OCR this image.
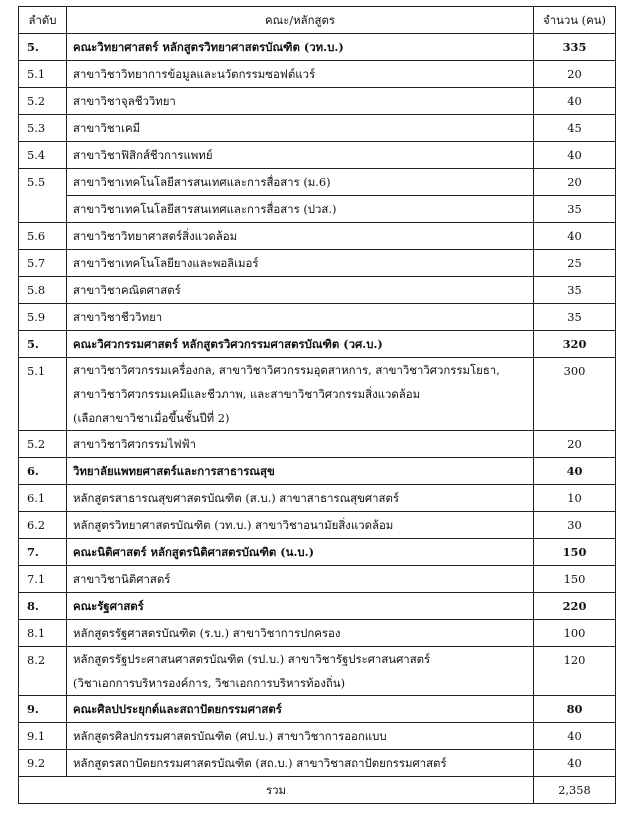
ลำดับ	คณะ/หลักสูตร	จำนวน (คน)
5.	คณะวิทยาศาสตร์ หลักสูตรวิทยาศาสตรบัณฑิต (วท.บ.)	335
5.1	สาขาวิชาวิทยาการข้อมูลและนวัตกรรมซอฟต์แวร์	20
5.2	สาขาวิชาจุลชีววิทยา	40
5.3	สาขาวิชาเคมี	45
5.4	สาขาวิชาฟิสิกส์ชีวการแพทย์	40
5.5	สาขาวิชาเทคโนโลยีสารสนเทศและการสื่อสาร (ม.6)	20

	สาขาวิชาเทคโนโลยีสารสนเทศและการสื่อสาร (ปวส.)	35
5.6	สาขาวิชาวิทยาศาสตร์สิ่งแวดล้อม	40
5.7	สาขาวิชาเทคโนโลยียางและพอลิเมอร์	25
5.8	สาขาวิชาคณิตศาสตร์	35
5.9	สาขาวิชาชีววิทยา	35
5.	คณะวิศวกรรมศาสตร์ หลักสูตรวิศวกรรมศาสตรบัณฑิต (วศ.บ.)	320
5.1	สาขาวิชาวิศวกรรมเครื่องกล, สาขาวิชาวิศวกรรมอุตสาหการ, สาขาวิชาวิศวกรรมโยธา,
สาขาวิชาวิศวกรรมเคมีและชีวภาพ, และสาขาวิชาวิศวกรรมสิ่งแวดล้อม
(เลือกสาขาวิชาเมื่อขึ้นชั้นปีที่ 2)	300
5.2	สาขาวิชาวิศวกรรมไฟฟ้า	20
6.	วิทยาลัยแพทยศาสตร์และการสาธารณสุข	40
6.1	หลักสูตรสาธารณสุขศาสตรบัณฑิต (ส.บ.) สาขาสาธารณสุขศาสตร์	10
6.2	หลักสูตรวิทยาศาสตรบัณฑิต (วท.บ.) สาขาวิชาอนามัยสิ่งแวดล้อม	30
7.	คณะนิติศาสตร์ หลักสูตรนิติศาสตรบัณฑิต (น.บ.)	150
7.1	สาขาวิชานิติศาสตร์	150
8.	คณะรัฐศาสตร์	220
8.1	หลักสูตรรัฐศาสตรบัณฑิต (ร.บ.) สาขาวิชาการปกครอง	100
8.2	หลักสูตรรัฐประศาสนศาสตรบัณฑิต (รป.บ.) สาขาวิชารัฐประศาสนศาสตร์
(วิชาเอกการบริหารองค์การ, วิชาเอกการบริหารท้องถิ่น)	120
9.	คณะศิลปประยุกต์และสถาปัตยกรรมศาสตร์	80
9.1	หลักสูตรศิลปกรรมศาสตรบัณฑิต (ศป.บ.) สาขาวิชาการออกแบบ	40
9.2	หลักสูตรสถาปัตยกรรมศาสตรบัณฑิต (สถ.บ.) สาขาวิชาสถาปัตยกรรมศาสตร์	40
รวม		2,358
